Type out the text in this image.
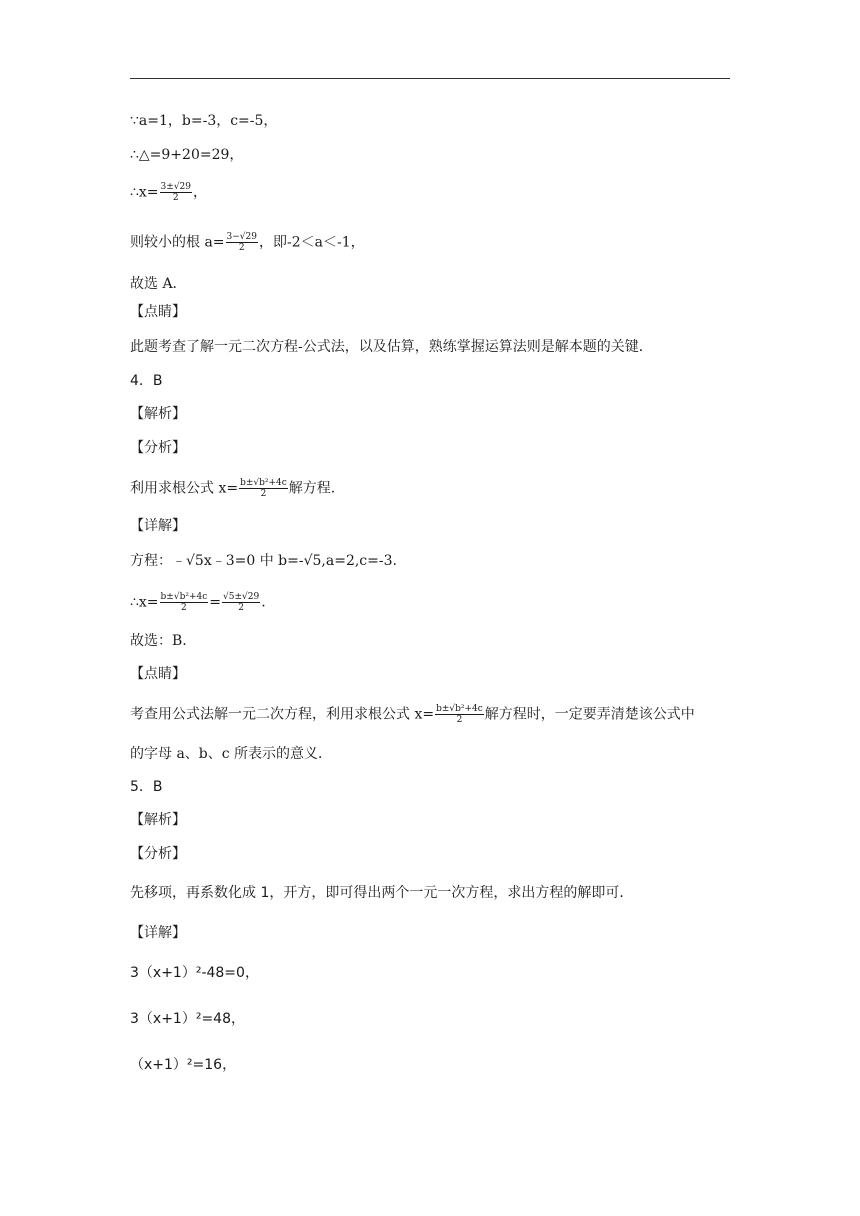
∵a=1，b=-3，c=-5，
∴△=9+20=29，
∴x= $\frac{3\pm√29}{2}$ ，
则较小的根 $a= \frac{3-√29}{2}$ ，即-2＜a＜-1，
故选 A．
【点睛】
此题考查了解一元二次方程-公式法，以及估算，熟练掌握运算法则是解本题的关键．
4．B
【解析】
【分析】
利用求根公式 $x= \frac{\text{b±√b²+4c}}{2}$ 解方程.
【详解】
方程：﹣√5x﹣3=0 中 b=-√5,a=2,c=-3.
∴x= $\frac{\text{b±√b²+4c}}{2} = \frac{√5\pm√29}{2}$ .
故选：B.
【点睛】
考查用公式法解一元二次方程，利用求根公式 $x= \frac{\text{b±√b²+4c}}{2}$ 解方程时，一定要弄清楚该公式中
的字母 a、b、c 所表示的意义．
5．B
【解析】
【分析】
先移项，再系数化成 1，开方，即可得出两个一元一次方程，求出方程的解即可．
【详解】
3（x+1）²-48=0，
3（x+1）²=48，
（x+1）²=16，
